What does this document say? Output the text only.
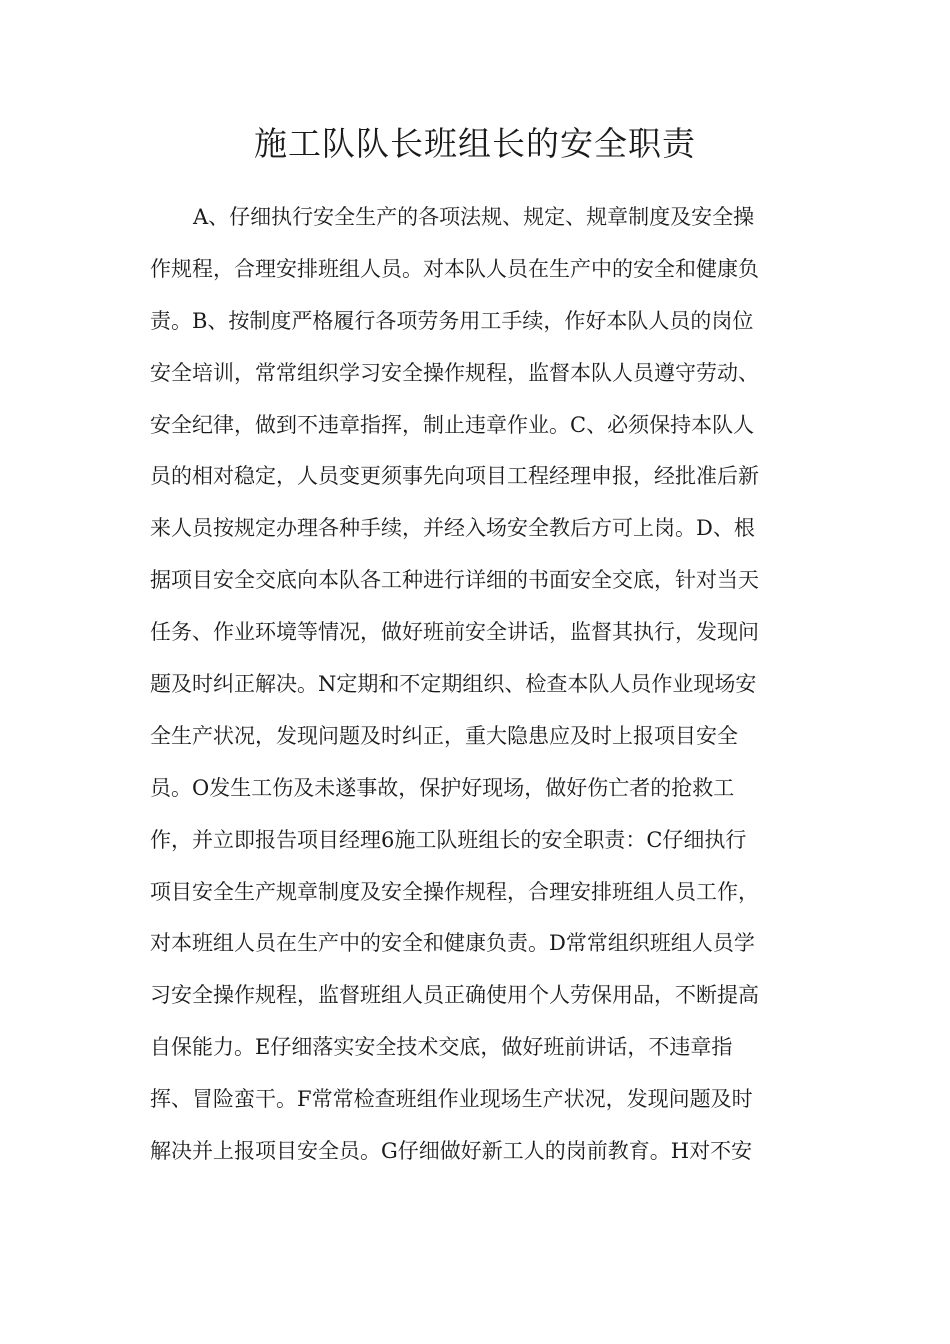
施工队队长班组长的安全职责
A、仔细执行安全生产的各项法规、规定、规章制度及安全操
作规程，合理安排班组人员。对本队人员在生产中的安全和健康负
责。B、按制度严格履行各项劳务用工手续，作好本队人员的岗位
安全培训，常常组织学习安全操作规程，监督本队人员遵守劳动、
安全纪律，做到不违章指挥，制止违章作业。C、必须保持本队人
员的相对稳定，人员变更须事先向项目工程经理申报，经批准后新
来人员按规定办理各种手续，并经入场安全教后方可上岗。D、根
据项目安全交底向本队各工种进行详细的书面安全交底，针对当天
任务、作业环境等情况，做好班前安全讲话，监督其执行，发现问
题及时纠正解决。N定期和不定期组织、检查本队人员作业现场安
全生产状况，发现问题及时纠正，重大隐患应及时上报项目安全
员。O发生工伤及未遂事故，保护好现场，做好伤亡者的抢救工
作，并立即报告项目经理6施工队班组长的安全职责：C仔细执行
项目安全生产规章制度及安全操作规程，合理安排班组人员工作，
对本班组人员在生产中的安全和健康负责。D常常组织班组人员学
习安全操作规程，监督班组人员正确使用个人劳保用品，不断提高
自保能力。E仔细落实安全技术交底，做好班前讲话，不违章指
挥、冒险蛮干。F常常检查班组作业现场生产状况，发现问题及时
解决并上报项目安全员。G仔细做好新工人的岗前教育。H对不安
